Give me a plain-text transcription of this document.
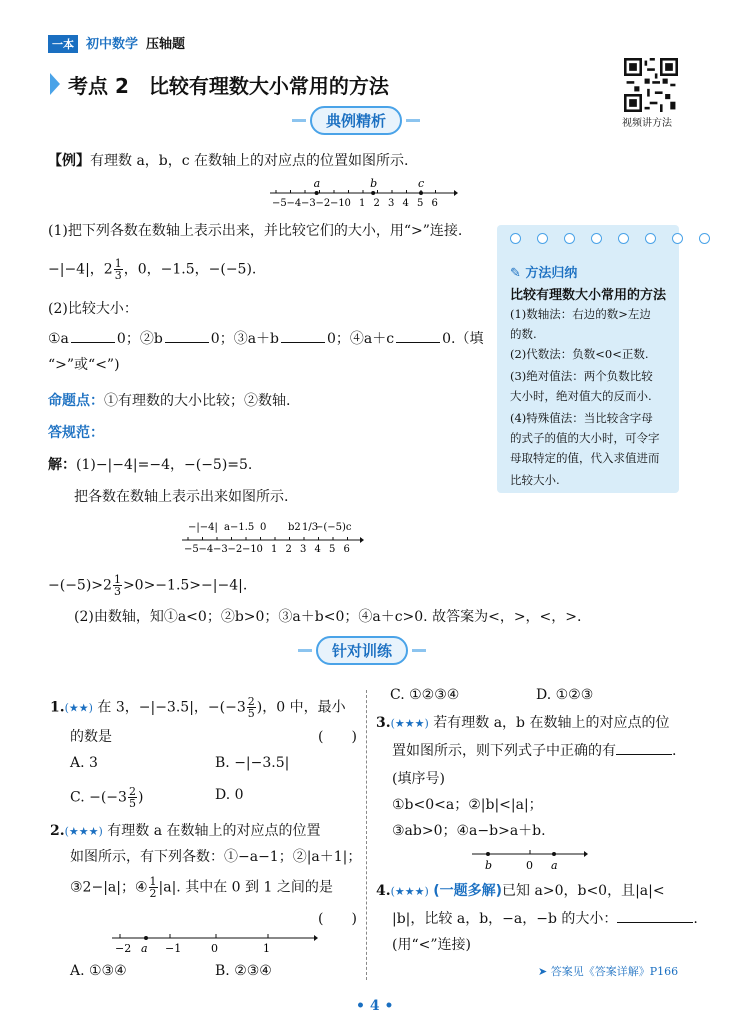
一本 初中数学 压轴题
考点 2　 比较有理数大小常用的方法
视频讲方法
典例精析
【例】有理数 a，b，c 在数轴上的对应点的位置如图所示.
−5 −4 −3 −2 −1 0 1 2 3 4 5 6
a	b	c
(1)把下列各数在数轴上表示出来，并比较它们的大小，用“>”连接.
−|−4|，$2 \frac{1}{3}$ ，0，−1.5，−(−5).
(2)比较大小：
①a	0；②b	0；③a＋b	0；④a＋c	0.（填
“>”或“<”)
命题点：①有理数的大小比较；②数轴.
答规范：
解：(1)−|−4|=−4，−(−5)=5.
把各数在数轴上表示出来如图所示.
−|−4| a−1.5 0 b2 1/3
−(−5)c
−5 −4 −3 −2 −1 0 1 2 3 4 5 6
$-(-5)>2 \frac{1}{3} >0>-1.5>-|-4|$.
(2)由数轴，知①a<0；②b>0；③a＋b<0；④a＋c>0. 故答案为<，>，<，>.
✎ 方法归纳
比较有理数大小常用的方法
(1)数轴法：右边的数>左边
的数.
(2)代数法：负数<0<正数.
(3)绝对值法：两个负数比较
大小时，绝对值大的反而小.
(4)特殊值法：当比较含字母
的式子的值的大小时，可令字
母取特定的值，代入求值进而
比较大小.
针对训练
1.(★★) 在 3，−|−3.5|，$-(-3 \frac{2}{5}$ )，0 中，最小
的数是	(　　)
A. 3	B. −|−3.5|
C. $-(-3 \frac{2}{5}$ )	D. 0
2.(★★★) 有理数 a 在数轴上的对应点的位置
如图所示，有下列各数：①−a−1；②|a＋1|；
③2−|a|；④ $\frac{1}{2} |a|$. 其中在 0 到 1 之间的是
(　　)
−2 a −1	0	1
A. ①③④	B. ②③④
C. ①②③④	D. ①②③
3.(★★★) 若有理数 a，b 在数轴上的对应点的位
置如图所示，则下列式子中正确的有	.
(填序号)
①b<0<a；②|b|<|a|；
③ab>0；④a−b>a＋b.
b	0 a
4.(★★★) (一题多解)已知 a>0，b<0，且|a|<
|b|，比较 a，b，−a，−b 的大小：	.
(用“<”连接)
➤ 答案见《答案详解》P166
• 4 •
